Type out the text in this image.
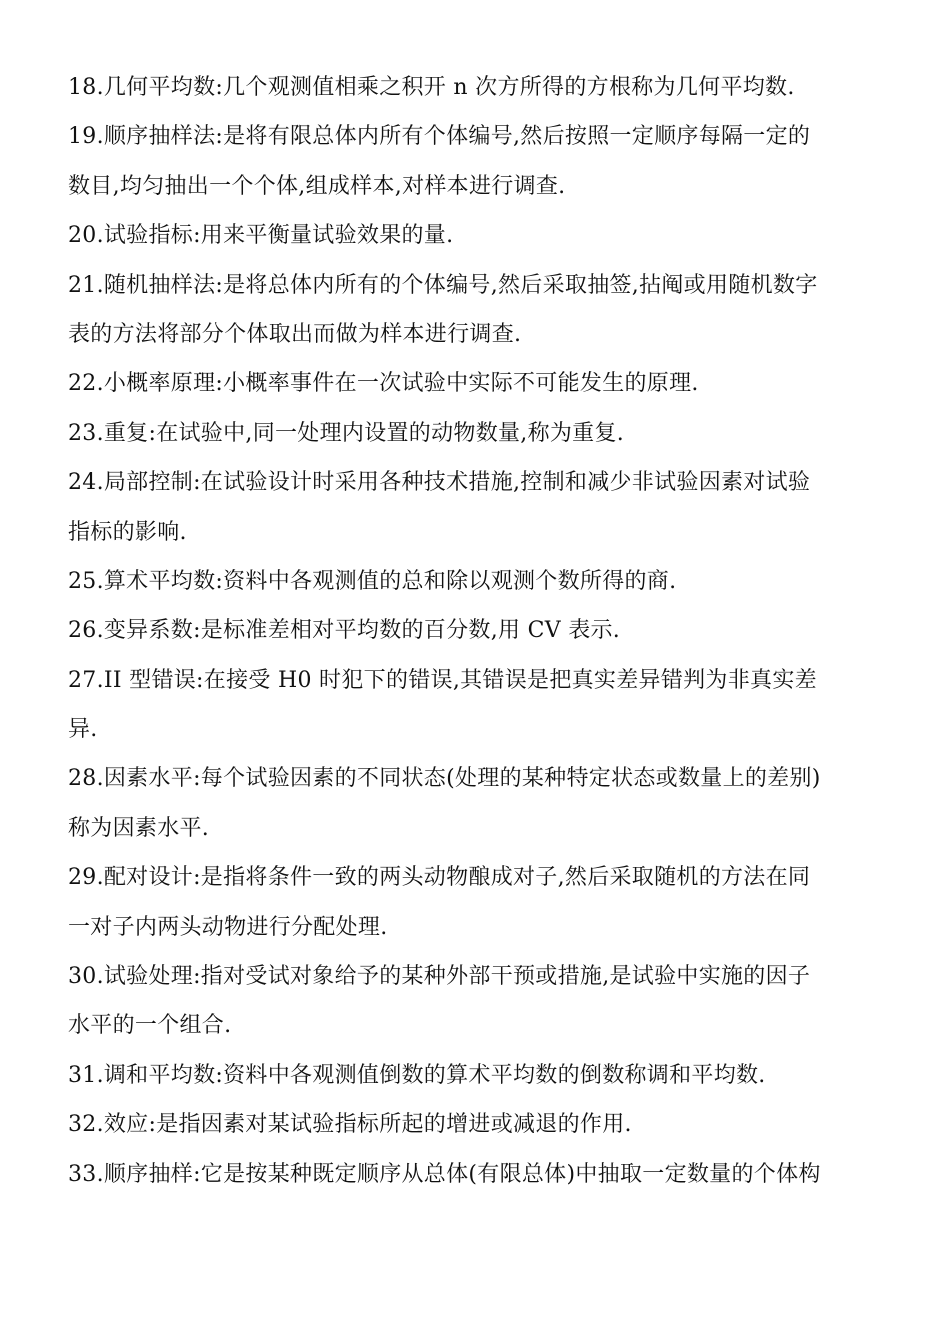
18.几何平均数:几个观测值相乘之积开 n 次方所得的方根称为几何平均数.
19.顺序抽样法:是将有限总体内所有个体编号,然后按照一定顺序每隔一定的
数目,均匀抽出一个个体,组成样本,对样本进行调查.
20.试验指标:用来平衡量试验效果的量.
21.随机抽样法:是将总体内所有的个体编号,然后采取抽签,拈阄或用随机数字
表的方法将部分个体取出而做为样本进行调查.
22.小概率原理:小概率事件在一次试验中实际不可能发生的原理.
23.重复:在试验中,同一处理内设置的动物数量,称为重复.
24.局部控制:在试验设计时采用各种技术措施,控制和减少非试验因素对试验
指标的影响.
25.算术平均数:资料中各观测值的总和除以观测个数所得的商.
26.变异系数:是标准差相对平均数的百分数,用 CV 表示.
27.II 型错误:在接受 H0 时犯下的错误,其错误是把真实差异错判为非真实差
异.
28.因素水平:每个试验因素的不同状态(处理的某种特定状态或数量上的差别)
称为因素水平.
29.配对设计:是指将条件一致的两头动物酿成对子,然后采取随机的方法在同
一对子内两头动物进行分配处理.
30.试验处理:指对受试对象给予的某种外部干预或措施,是试验中实施的因子
水平的一个组合.
31.调和平均数:资料中各观测值倒数的算术平均数的倒数称调和平均数.
32.效应:是指因素对某试验指标所起的增进或减退的作用.
33.顺序抽样:它是按某种既定顺序从总体(有限总体)中抽取一定数量的个体构
